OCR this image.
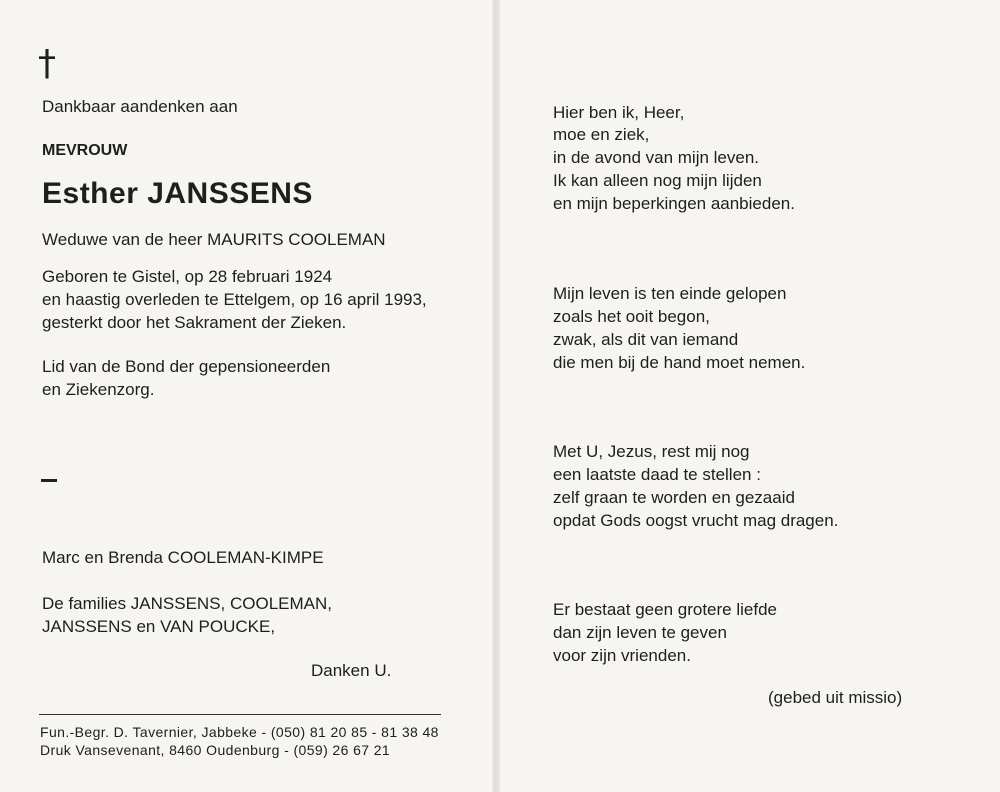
†
Dankbaar aandenken aan
MEVROUW
Esther JANSSENS
Weduwe van de heer MAURITS COOLEMAN
Geboren te Gistel, op 28 februari 1924
en haastig overleden te Ettelgem, op 16 april 1993,
gesterkt door het Sakrament der Zieken.
Lid van de Bond der gepensioneerden
en Ziekenzorg.
Marc en Brenda COOLEMAN-KIMPE
De families JANSSENS, COOLEMAN,
JANSSENS en VAN POUCKE,
Danken U.
Fun.-Begr. D. Tavernier, Jabbeke - (050) 81 20 85 - 81 38 48
Druk Vansevenant, 8460 Oudenburg - (059) 26 67 21
Hier ben ik, Heer,
moe en ziek,
in de avond van mijn leven.
Ik kan alleen nog mijn lijden
en mijn beperkingen aanbieden.
Mijn leven is ten einde gelopen
zoals het ooit begon,
zwak, als dit van iemand
die men bij de hand moet nemen.
Met U, Jezus, rest mij nog
een laatste daad te stellen :
zelf graan te worden en gezaaid
opdat Gods oogst vrucht mag dragen.
Er bestaat geen grotere liefde
dan zijn leven te geven
voor zijn vrienden.
(gebed uit missio)
